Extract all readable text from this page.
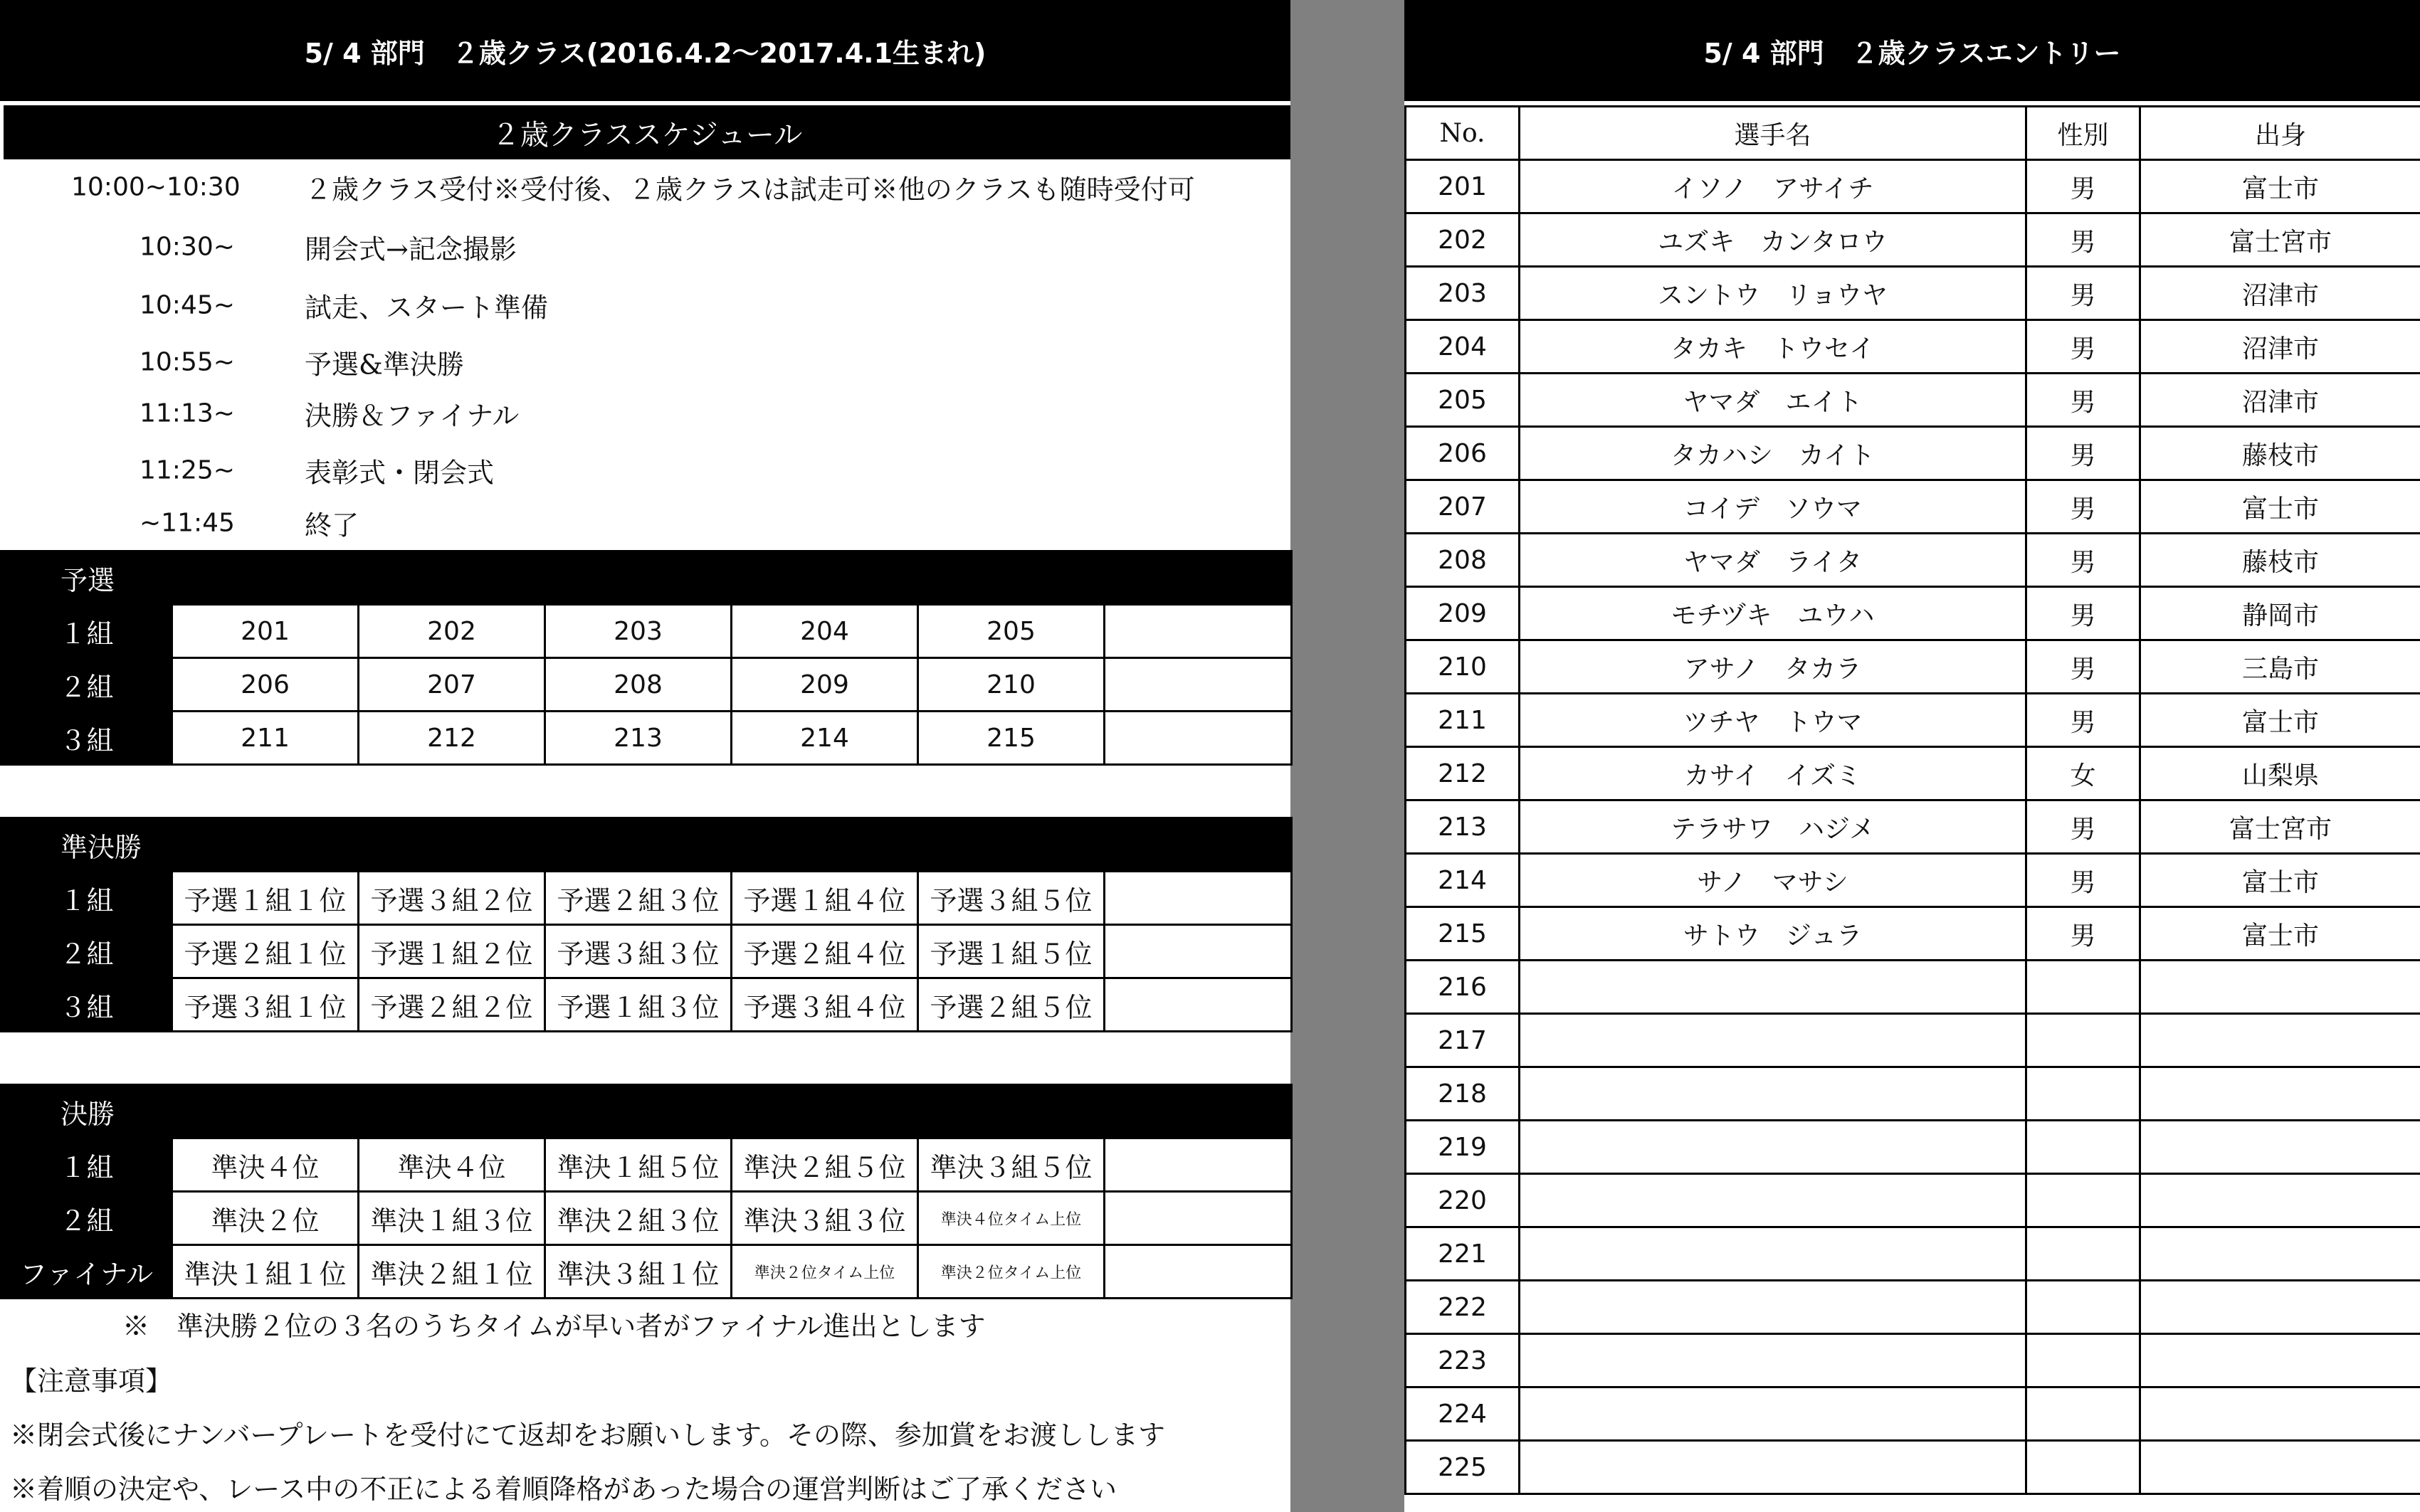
5/ 4 部門　２歳クラス(2016.4.2〜2017.4.1生まれ)
２歳クラススケジュール
10:00~10:30 ２歳クラス受付※受付後、２歳クラスは試走可※他のクラスも随時受付可
10:30~	開会式→記念撮影
10:45~	試走、スタート準備
10:55~	予選&準決勝
11:13~	決勝＆ファイナル
11:25~	表彰式・閉会式
~11:45	終了
予選						
１組	201	202	203	204	205	
２組	206	207	208	209	210	
３組	211	212	213	214	215	
準決勝						
１組	予選１組１位	予選３組２位	予選２組３位	予選１組４位	予選３組５位	
２組	予選２組１位	予選１組２位	予選３組３位	予選２組４位	予選１組５位	
３組	予選３組１位	予選２組２位	予選１組３位	予選３組４位	予選２組５位	
決勝						
１組	準決４位	準決４位	準決１組５位	準決２組５位	準決３組５位	
２組	準決２位	準決１組３位	準決２組３位	準決３組３位	準決４位タイム上位	
ファイナル	準決１組１位	準決２組１位	準決３組１位	準決２位タイム上位	準決２位タイム上位	
※　準決勝２位の３名のうちタイムが早い者がファイナル進出とします
【注意事項】
※閉会式後にナンバープレートを受付にて返却をお願いします。その際、参加賞をお渡しします
※着順の決定や、レース中の不正による着順降格があった場合の運営判断はご了承ください
5/ 4 部門　２歳クラスエントリー
No.	選手名	性別	出身
201	イソノ　アサイチ	男	富士市
202	ユズキ　カンタロウ	男	富士宮市
203	スントウ　リョウヤ	男	沼津市
204	タカキ　トウセイ	男	沼津市
205	ヤマダ　エイト	男	沼津市
206	タカハシ　カイト	男	藤枝市
207	コイデ　ソウマ	男	富士市
208	ヤマダ　ライタ	男	藤枝市
209	モチヅキ　ユウハ	男	静岡市
210	アサノ　タカラ	男	三島市
211	ツチヤ　トウマ	男	富士市
212	カサイ　イズミ	女	山梨県
213	テラサワ　ハジメ	男	富士宮市
214	サノ　マサシ	男	富士市
215	サトウ　ジュラ	男	富士市
216			
217			
218			
219			
220			
221			
222			
223			
224			
225			
